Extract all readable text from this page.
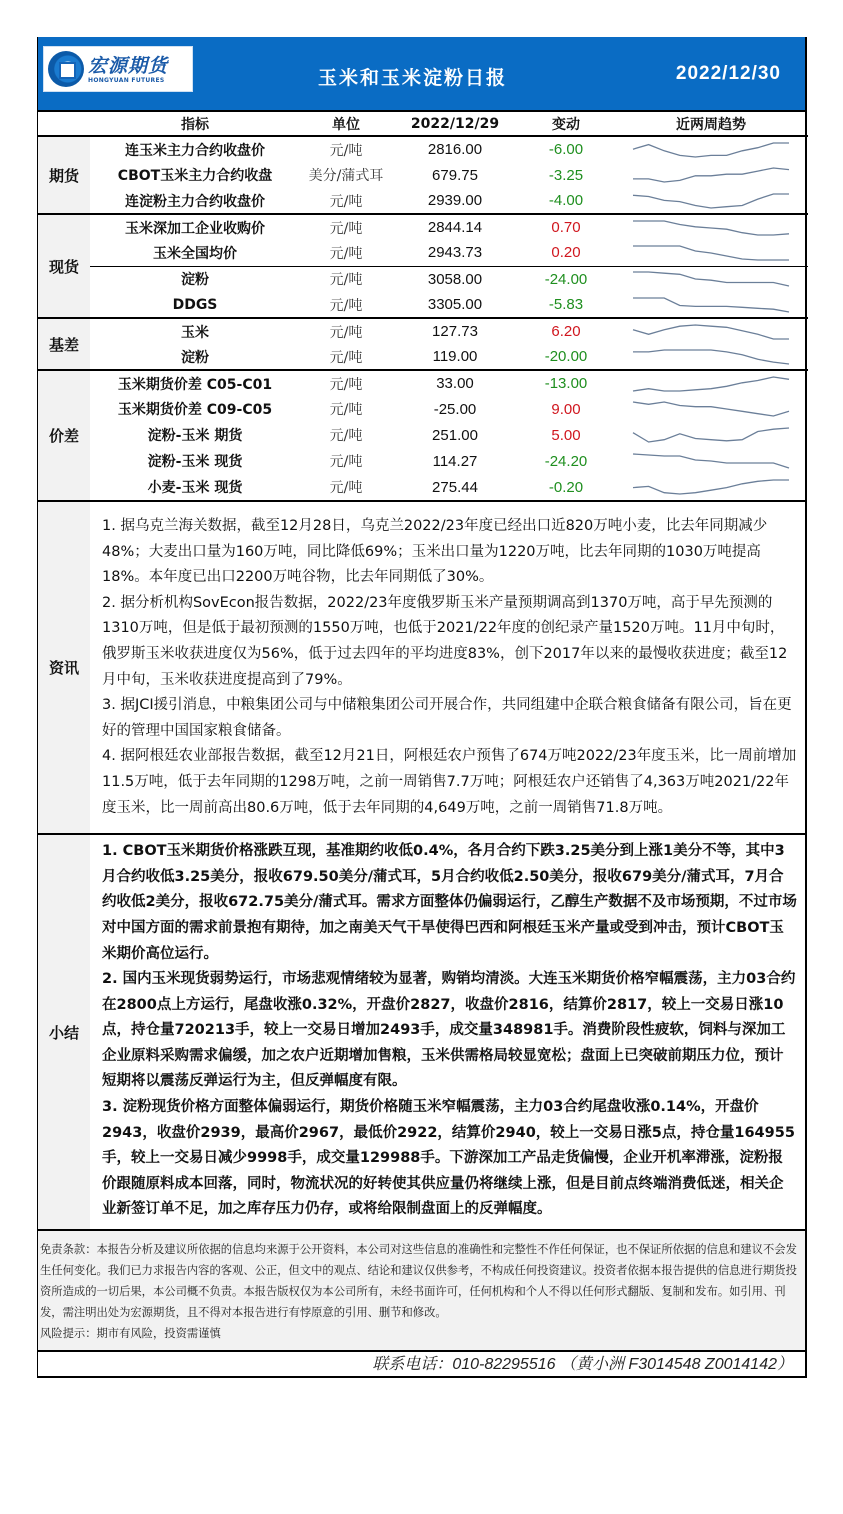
宏源期货
HONGYUAN FUTURES	玉米和玉米淀粉日报	2022/12/30
	指标	单位	2022/12/29	变动	近两周趋势
期货	连玉米主力合约收盘价	元/吨	2816.00	-6.00	

	CBOT玉米主力合约收盘	美分/蒲式耳	679.75	-3.25	

	连淀粉主力合约收盘价	元/吨	2939.00	-4.00	

现货	玉米深加工企业收购价	元/吨	2844.14	0.70	

	玉米全国均价	元/吨	2943.73	0.20	

	淀粉	元/吨	3058.00	-24.00	

	DDGS	元/吨	3305.00	-5.83	

基差	玉米	元/吨	127.73	6.20	

	淀粉	元/吨	119.00	-20.00	

价差	玉米期货价差 C05-C01	元/吨	33.00	-13.00	

	玉米期货价差 C09-C05	元/吨	-25.00	9.00	

	淀粉-玉米 期货	元/吨	251.00	5.00	

	淀粉-玉米 现货	元/吨	114.27	-24.20	

	小麦-玉米 现货	元/吨	275.44	-0.20	
资讯

1. 据乌克兰海关数据，截至12月28日，乌克兰2022/23年度已经出口近820万吨小麦，比去年同期减少48%；大麦出口量为160万吨，同比降低69%；玉米出口量为1220万吨，比去年同期的1030万吨提高18%。本年度已出口2200万吨谷物，比去年同期低了30%。

2. 据分析机构SovEcon报告数据，2022/23年度俄罗斯玉米产量预期调高到1370万吨，高于早先预测的1310万吨，但是低于最初预测的1550万吨，也低于2021/22年度的创纪录产量1520万吨。11月中旬时，俄罗斯玉米收获进度仅为56%，低于过去四年的平均进度83%，创下2017年以来的最慢收获进度；截至12月中旬，玉米收获进度提高到了79%。

3. 据JCI援引消息，中粮集团公司与中储粮集团公司开展合作，共同组建中企联合粮食储备有限公司，旨在更好的管理中国国家粮食储备。

4. 据阿根廷农业部报告数据，截至12月21日，阿根廷农户预售了674万吨2022/23年度玉米，比一周前增加11.5万吨，低于去年同期的1298万吨，之前一周销售7.7万吨；阿根廷农户还销售了4,363万吨2021/22年度玉米，比一周前高出80.6万吨，低于去年同期的4,649万吨，之前一周销售71.8万吨。

小结

1. CBOT玉米期货价格涨跌互现，基准期约收低0.4%，各月合约下跌3.25美分到上涨1美分不等，其中3月合约收低3.25美分，报收679.50美分/蒲式耳，5月合约收低2.50美分，报收679美分/蒲式耳，7月合约收低2美分，报收672.75美分/蒲式耳。需求方面整体仍偏弱运行，乙醇生产数据不及市场预期，不过市场对中国方面的需求前景抱有期待，加之南美天气干旱使得巴西和阿根廷玉米产量或受到冲击，预计CBOT玉米期价高位运行。

2. 国内玉米现货弱势运行，市场悲观情绪较为显著，购销均清淡。大连玉米期货价格窄幅震荡，主力03合约在2800点上方运行，尾盘收涨0.32%，开盘价2827，收盘价2816，结算价2817，较上一交易日涨10点，持仓量720213手，较上一交易日增加2493手，成交量348981手。消费阶段性疲软，饲料与深加工企业原料采购需求偏缓，加之农户近期增加售粮，玉米供需格局较显宽松；盘面上已突破前期压力位，预计短期将以震荡反弹运行为主，但反弹幅度有限。

3. 淀粉现货价格方面整体偏弱运行，期货价格随玉米窄幅震荡，主力03合约尾盘收涨0.14%，开盘价2943，收盘价2939，最高价2967，最低价2922，结算价2940，较上一交易日涨5点，持仓量164955手，较上一交易日减少9998手，成交量129988手。下游深加工产品走货偏慢，企业开机率滞涨，淀粉报价跟随原料成本回落，同时，物流状况的好转使其供应量仍将继续上涨，但是目前点终端消费低迷，相关企业新签订单不足，加之库存压力仍存，或将给限制盘面上的反弹幅度。

免责条款：本报告分析及建议所依据的信息均来源于公开资料，本公司对这些信息的准确性和完整性不作任何保证，也不保证所依据的信息和建议不会发生任何变化。我们已力求报告内容的客观、公正，但文中的观点、结论和建议仅供参考，不构成任何投资建议。投资者依据本报告提供的信息进行期货投资所造成的一切后果，本公司概不负责。本报告版权仅为本公司所有，未经书面许可，任何机构和个人不得以任何形式翻版、复制和发布。如引用、刊发，需注明出处为宏源期货，且不得对本报告进行有悖原意的引用、删节和修改。

风险提示：期市有风险，投资需谨慎

联系电话：010-82295516 （黄小洲 F3014548 Z0014142）
